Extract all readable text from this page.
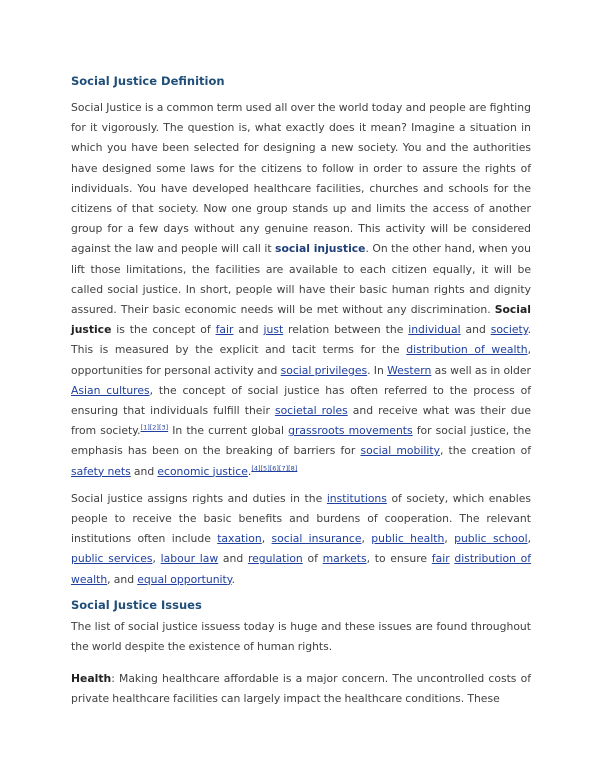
Social Justice Definition

Social Justice is a common term used all over the world today and people are fighting for it vigorously. The question is, what exactly does it mean? Imagine a situation in which you have been selected for designing a new society. You and the authorities have designed some laws for the citizens to follow in order to assure the rights of individuals. You have developed healthcare facilities, churches and schools for the citizens of that society. Now one group stands up and limits the access of another group for a few days without any genuine reason. This activity will be considered against the law and people will call it social injustice. On the other hand, when you lift those limitations, the facilities are available to each citizen equally, it will be called social justice. In short, people will have their basic human rights and dignity assured. Their basic economic needs will be met without any discrimination. Social justice is the concept of fair and just relation between the individual and society. This is measured by the explicit and tacit terms for the distribution of wealth, opportunities for personal activity and social privileges. In Western as well as in older Asian cultures, the concept of social justice has often referred to the process of ensuring that individuals fulfill their societal roles and receive what was their due from society.[1][2][3] In the current global grassroots movements for social justice, the emphasis has been on the breaking of barriers for social mobility, the creation of safety nets and economic justice.[4][5][6][7][8]

Social justice assigns rights and duties in the institutions of society, which enables people to receive the basic benefits and burdens of cooperation. The relevant institutions often include taxation, social insurance, public health, public school, public services, labour law and regulation of markets, to ensure fair distribution of wealth, and equal opportunity.

Social Justice Issues

The list of social justice issuess today is huge and these issues are found throughout the world despite the existence of human rights.

Health: Making healthcare affordable is a major concern. The uncontrolled costs of private healthcare facilities can largely impact the healthcare conditions. These
